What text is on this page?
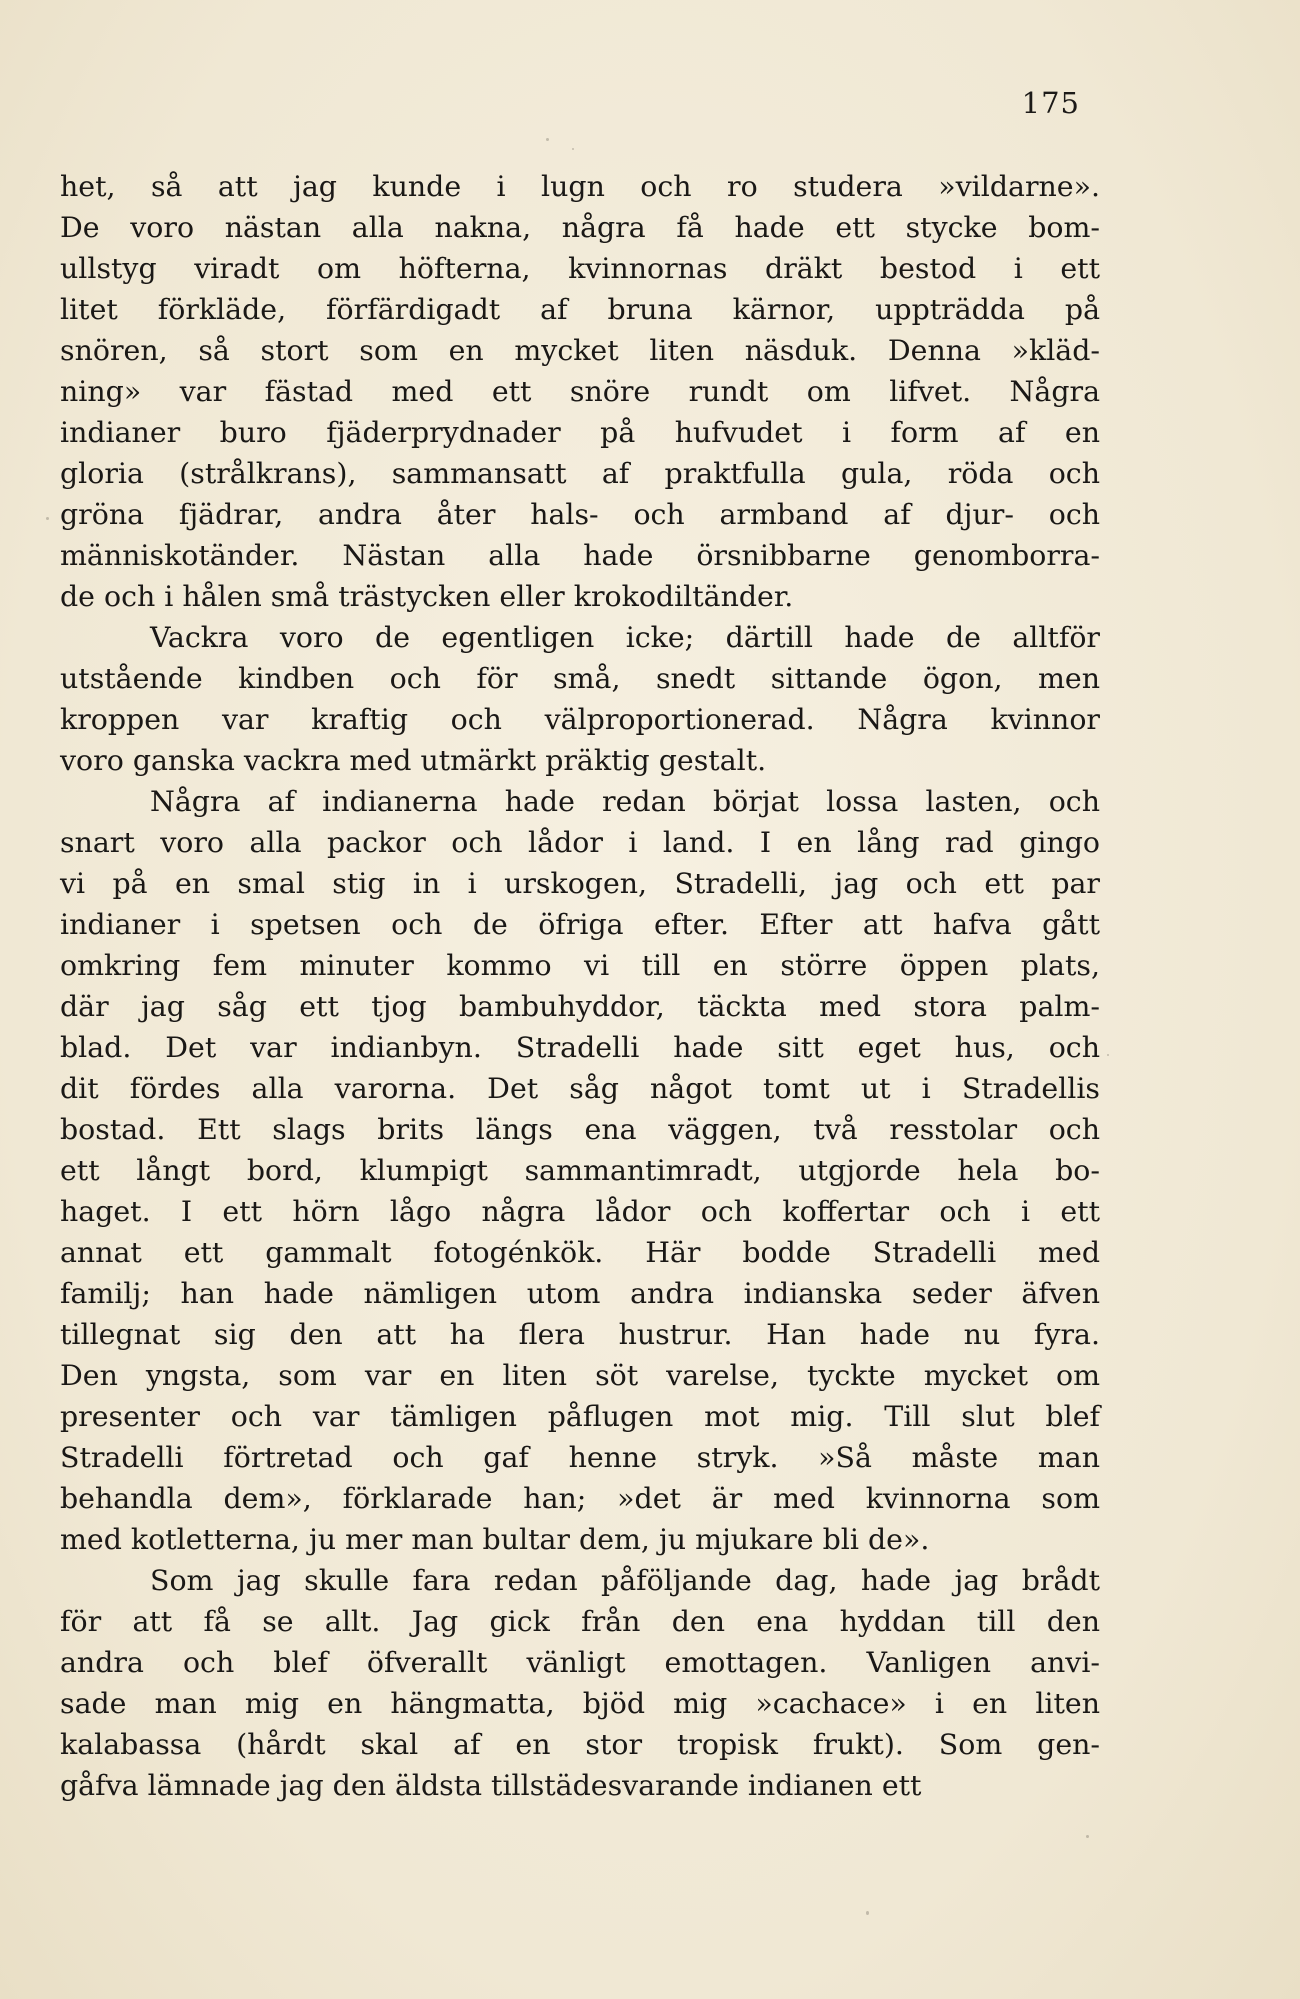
175
het, så att jag kunde i lugn och ro studera »vildarne».
De voro nästan alla nakna, några få hade ett stycke bom-
ullstyg viradt om höfterna, kvinnornas dräkt bestod i ett
litet förkläde, förfärdigadt af bruna kärnor, uppträdda på
snören, så stort som en mycket liten näsduk. Denna »kläd-
ning» var fästad med ett snöre rundt om lifvet. Några
indianer buro fjäderprydnader på hufvudet i form af en
gloria (strålkrans), sammansatt af praktfulla gula, röda och
gröna fjädrar, andra åter hals- och armband af djur- och
människotänder. Nästan alla hade örsnibbarne genomborra-
de och i hålen små trästycken eller krokodiltänder.
Vackra voro de egentligen icke; därtill hade de alltför
utstående kindben och för små, snedt sittande ögon, men
kroppen var kraftig och välproportionerad. Några kvinnor
voro ganska vackra med utmärkt präktig gestalt.
Några af indianerna hade redan börjat lossa lasten, och
snart voro alla packor och lådor i land. I en lång rad gingo
vi på en smal stig in i urskogen, Stradelli, jag och ett par
indianer i spetsen och de öfriga efter. Efter att hafva gått
omkring fem minuter kommo vi till en större öppen plats,
där jag såg ett tjog bambuhyddor, täckta med stora palm-
blad. Det var indianbyn. Stradelli hade sitt eget hus, och
dit fördes alla varorna. Det såg något tomt ut i Stradellis
bostad. Ett slags brits längs ena väggen, två resstolar och
ett långt bord, klumpigt sammantimradt, utgjorde hela bo-
haget. I ett hörn lågo några lådor och koffertar och i ett
annat ett gammalt fotogénkök. Här bodde Stradelli med
familj; han hade nämligen utom andra indianska seder äfven
tillegnat sig den att ha flera hustrur. Han hade nu fyra.
Den yngsta, som var en liten söt varelse, tyckte mycket om
presenter och var tämligen påflugen mot mig. Till slut blef
Stradelli förtretad och gaf henne stryk. »Så måste man
behandla dem», förklarade han; »det är med kvinnorna som
med kotletterna, ju mer man bultar dem, ju mjukare bli de».
Som jag skulle fara redan påföljande dag, hade jag brådt
för att få se allt. Jag gick från den ena hyddan till den
andra och blef öfverallt vänligt emottagen. Vanligen anvi-
sade man mig en hängmatta, bjöd mig »cachace» i en liten
kalabassa (hårdt skal af en stor tropisk frukt). Som gen-
gåfva lämnade jag den äldsta tillstädesvarande indianen ett
